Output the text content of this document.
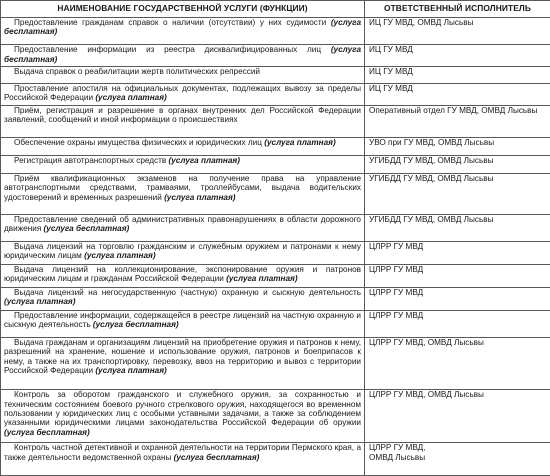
НАИМЕНОВАНИЕ ГОСУДАРСТВЕННОЙ УСЛУГИ (ФУНКЦИИ)	ОТВЕТСТВЕННЫЙ ИСПОЛНИТЕЛЬ
Предоставление гражданам справок о наличии (отсутствии) у них судимости (услуга бесплатная)	ИЦ ГУ МВД, ОМВД Лысьвы
Предоставление информации из реестра дисквалифицированных лиц (услуга бесплатная)	ИЦ ГУ МВД
Выдача справок о реабилитации жертв политических репрессий	ИЦ ГУ МВД
Проставление апостиля на официальных документах, подлежащих вывозу за пределы Российской Федерации (услуга платная)	ИЦ ГУ МВД
Приём, регистрация и разрешение в органах внутренних дел Российской Федерации заявлений, сообщений и иной информации о происшествиях	Оперативный отдел ГУ МВД, ОМВД Лысьвы
Обеспечение охраны имущества физических и юридических лиц (услуга платная)	УВО при ГУ МВД, ОМВД Лысьвы
Регистрация автотранспортных средств (услуга платная)	УГИБДД ГУ МВД, ОМВД Лысьвы
Приём квалификационных экзаменов на получение права на управление автотранспортными средствами, трамваями, троллейбусами, выдача водительских удостоверений и временных разрешений (услуга платная)	УГИБДД ГУ МВД, ОМВД Лысьвы
Предоставление сведений об административных правонарушениях в области дорожного движения (услуга бесплатная)	УГИБДД ГУ МВД, ОМВД Лысьвы
Выдача лицензий на торговлю гражданским и служебным оружием и патронами к нему юридическим лицам (услуга платная)	ЦЛРР ГУ МВД
Выдача лицензий на коллекционирование, экспонирование оружия и патронов юридическим лицам и гражданам Российской Федерации (услуга платная)	ЦЛРР ГУ МВД
Выдача лицензий на негосударственную (частную) охранную и сыскную деятельность (услуга платная)	ЦЛРР ГУ МВД
Предоставление информации, содержащейся в реестре лицензий на частную охранную и сыскную деятельность (услуга бесплатная)	ЦЛРР ГУ МВД
Выдача гражданам и организациям лицензий на приобретение оружия и патронов к нему, разрешений на хранение, ношение и использование оружия, патронов и боеприпасов к нему, а также на их транспортировку, перевозку, ввоз на территорию и вывоз с территории Российской Федерации (услуга платная)	ЦЛРР ГУ МВД, ОМВД Лысьвы
Контроль за оборотом гражданского и служебного оружия, за сохранностью и техническим состоянием боевого ручного стрелкового оружия, находящегося во временном пользовании у юридических лиц с особыми уставными задачами, а также за соблюдением указанными юридическими лицами законодательства Российской Федерации об оружии (услуга бесплатная)	ЦЛРР ГУ МВД, ОМВД Лысьвы
Контроль частной детективной и охранной деятельности на территории Пермского края, а также деятельности ведомственной охраны (услуга бесплатная)	ЦЛРР ГУ МВД,
ОМВД Лысьвы
